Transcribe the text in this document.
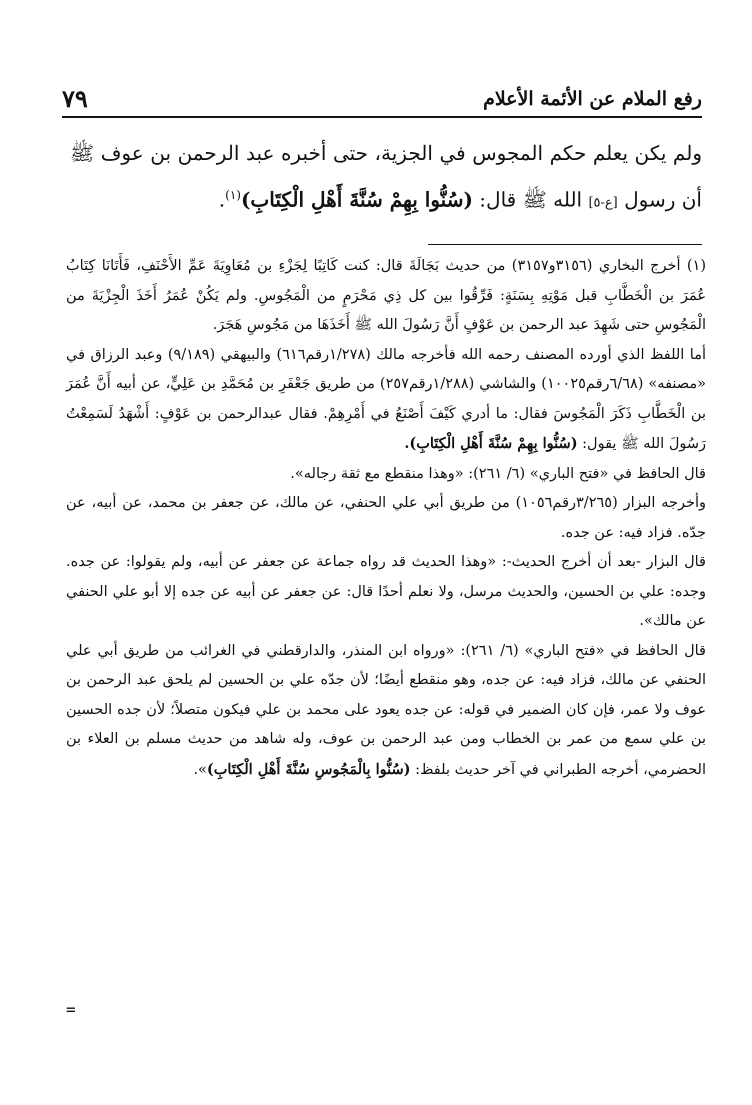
رفع الملام عن الأئمة الأعلام
٧٩

ولم يكن يعلم حكم المجوس في الجزية، حتى أخبره عبد الرحمن بن عوف ﷺ أن رسول [ع-٥] الله ﷺ قال: (سُنُّوا بِهِمْ سُنَّةَ أَهْلِ الْكِتَابِ)$^{(١)}$.

(١) أخرج البخاري (٣١٥٦و٣١٥٧) من حديث بَجَالَةَ قال: كنت كَاتِبًا لِجَزْءِ بن مُعَاوِيَةَ عَمِّ الأَحْنَفِ، فَأَتَانَا كِتَابُ عُمَرَ بن الْخَطَّابِ قبل مَوْتِهِ بِسَنَةٍ: فَرِّقُوا بين كل ذِي مَحْرَمٍ من الْمَجُوسِ. ولم يَكُنْ عُمَرُ أَخَذَ الْجِزْيَةَ من الْمَجُوسِ حتى شَهِدَ عبد الرحمن بن عَوْفٍ أَنَّ رَسُولَ الله ﷺ أَخَذَهَا من مَجُوسِ هَجَرَ.

أما اللفظ الذي أورده المصنف رحمه الله فأخرجه مالك (١/٢٧٨رقم٦١٦) والبيهقي (٩/١٨٩) وعبد الرزاق في «مصنفه» (٦/٦٨رقم١٠٠٢٥) والشاشي (١/٢٨٨رقم٢٥٧) من طريق جَعْفَرِ بن مُحَمَّدِ بن عَلِيٍّ، عن أبيه أَنَّ عُمَرَ بن الْخَطَّابِ ذَكَرَ الْمَجُوسَ فقال: ما أدري كَيْفَ أَصْنَعُ في أَمْرِهِمْ. فقال عبدالرحمن بن عَوْفٍ: أَشْهَدُ لَسَمِعْتُ رَسُولَ الله ﷺ يقول: (سُنُّوا بِهِمْ سُنَّةَ أَهْلِ الْكِتَابِ).

قال الحافظ في «فتح الباري» (٦/ ٢٦١): «وهذا منقطع مع ثقة رجاله».

وأخرجه البزار (٣/٢٦٥رقم١٠٥٦) من طريق أبي علي الحنفي، عن مالك، عن جعفر بن محمد، عن أبيه، عن جدّه. فزاد فيه: عن جده.

قال البزار -بعد أن أخرج الحديث-: «وهذا الحديث قد رواه جماعة عن جعفر عن أبيه، ولم يقولوا: عن جده. وجده: علي بن الحسين، والحديث مرسل، ولا نعلم أحدًا قال: عن جعفر عن أبيه عن جده إلا أبو علي الحنفي عن مالك».

قال الحافظ في «فتح الباري» (٦/ ٢٦١): «ورواه ابن المنذر، والدارقطني في الغرائب من طريق أبي علي الحنفي عن مالك، فزاد فيه: عن جده، وهو منقطع أيضًا؛ لأن جدّه علي بن الحسين لم يلحق عبد الرحمن بن عوف ولا عمر، فإن كان الضمير في قوله: عن جده يعود على محمد بن علي فيكون متصلاً؛ لأن جده الحسين بن علي سمع من عمر بن الخطاب ومن عبد الرحمن بن عوف، وله شاهد من حديث مسلم بن العلاء بن الحضرمي، أخرجه الطبراني في آخر حديث بلفظ: (سُنُّوا بِالْمَجُوسِ سُنَّةَ أَهْلِ الْكِتَابِ)».

=
